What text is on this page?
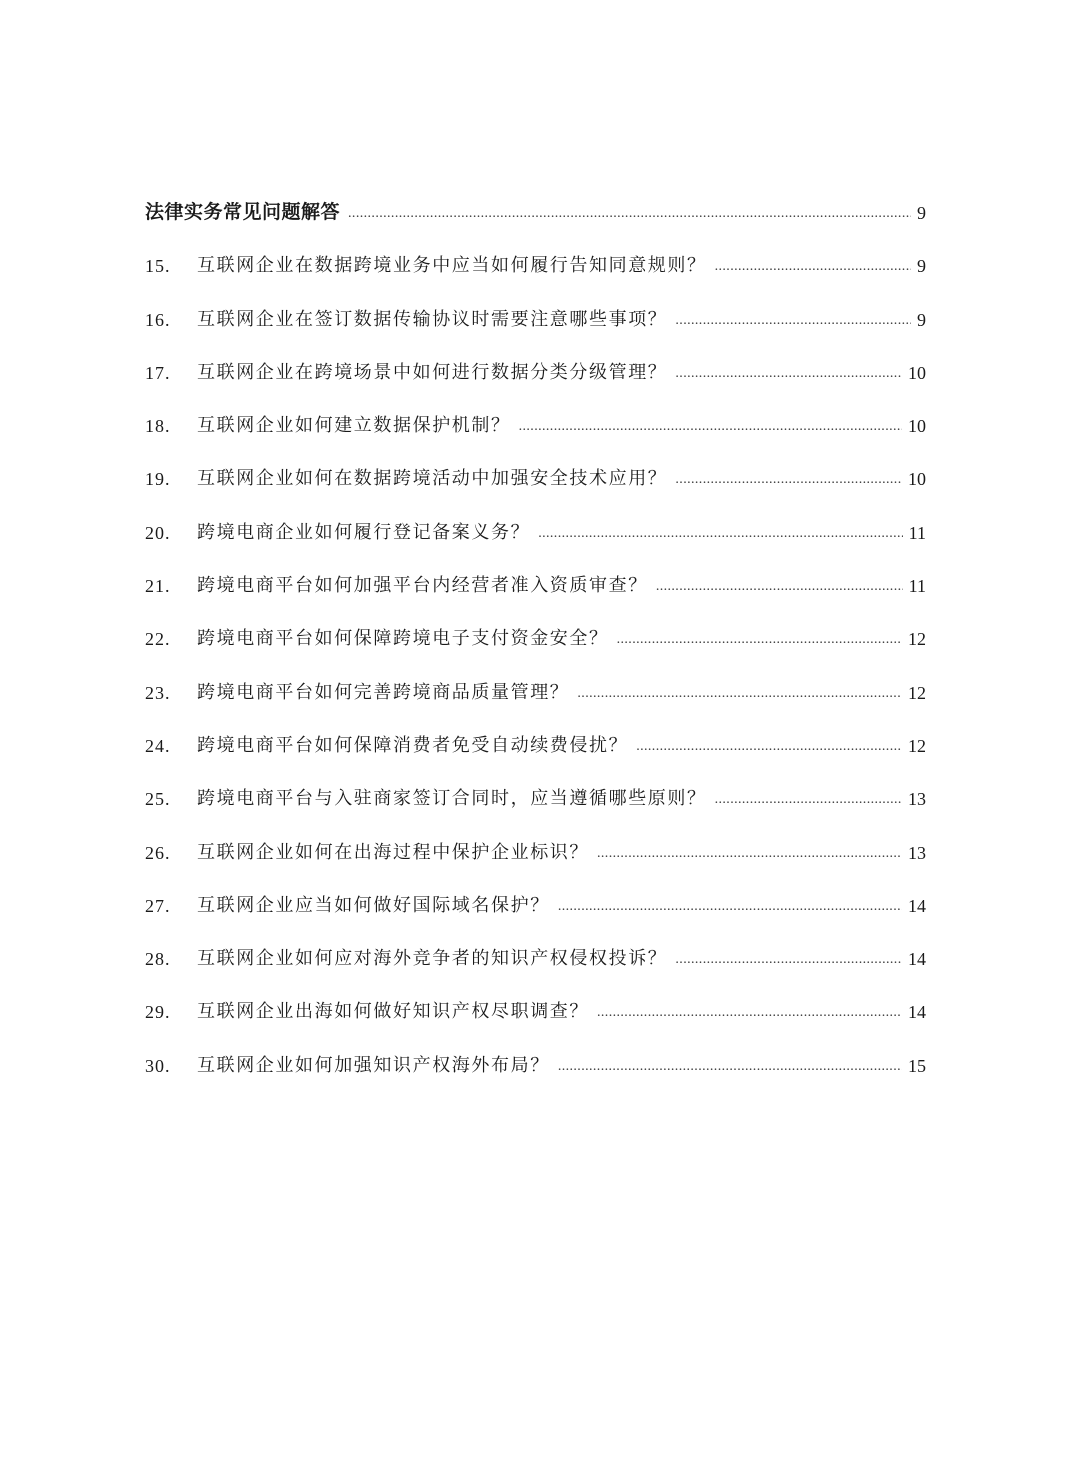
法律实务常见问题解答 .....	9
15.	互联网企业在数据跨境业务中应当如何履行告知同意规则？ .....	9
16.	互联网企业在签订数据传输协议时需要注意哪些事项？ .....	9
17.	互联网企业在跨境场景中如何进行数据分类分级管理？ .....	10
18.	互联网企业如何建立数据保护机制？ .....	10
19.	互联网企业如何在数据跨境活动中加强安全技术应用？ .....	10
20.	跨境电商企业如何履行登记备案义务？ .....	11
21.	跨境电商平台如何加强平台内经营者准入资质审查？ .....	11
22.	跨境电商平台如何保障跨境电子支付资金安全？ .....	12
23.	跨境电商平台如何完善跨境商品质量管理？ .....	12
24.	跨境电商平台如何保障消费者免受自动续费侵扰？ .....	12
25.	跨境电商平台与入驻商家签订合同时，应当遵循哪些原则？ .....	13
26.	互联网企业如何在出海过程中保护企业标识？ .....	13
27.	互联网企业应当如何做好国际域名保护？ .....	14
28.	互联网企业如何应对海外竞争者的知识产权侵权投诉？ .....	14
29.	互联网企业出海如何做好知识产权尽职调查？ .....	14
30.	互联网企业如何加强知识产权海外布局？ .....	15
